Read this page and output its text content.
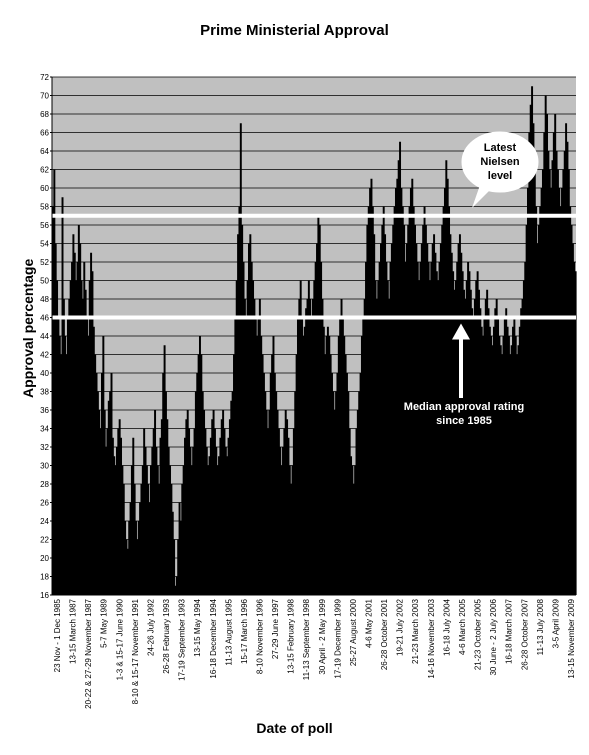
Prime Ministerial Approval
Approval percentage
Date of poll
16
18
20
22
24
26
28
30
32
34
36
38
40
42
44
46
48
50
52
54
56
58
60
62
64
66
68
70
72
23 Nov - 1 Dec 1985 13-15 March 1987 20-22 & 27-29 November 1987 5-7 May 1989 1-3 & 15-17 June 1990 8-10 & 15-17 November 1991 24-26 July 1992 26-28 February 1993 17-19 September 1993 13-15 May 1994 16-18 December 1994 11-13 August 1995 15-17 March 1996 8-10 November 1996 27-29 June 1997 13-15 February 1998 11-13 September 1998 30 April - 2 May 1999 17-19 December 1999 25-27 August 2000 4-6 May 2001 26-28 October 2001 19-21 July 2002 21-23 March 2003 14-16 November 2003 16-18 July 2004 4-6 March 2005 21-23 October 2005 30 June - 2 July 2006 16-18 March 2007 26-28 October 2007 11-13 July 2008 3-5 April 2009 13-15 November 2009
Latest
Nielsen
level
Median approval rating
since 1985
